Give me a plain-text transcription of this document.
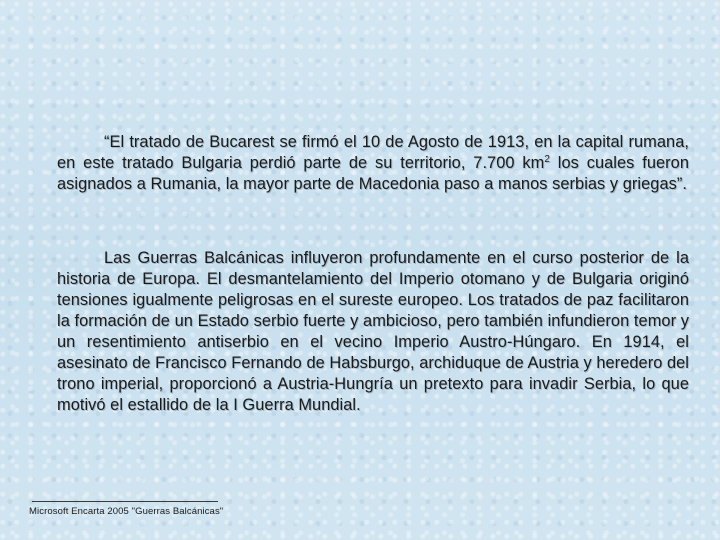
“El tratado de Bucarest se firmó el 10 de Agosto de 1913, en la capital rumana, en este tratado Bulgaria perdió parte de su territorio, 7.700 $km^2$ los cuales fueron asignados a Rumania, la mayor parte de Macedonia paso a manos serbias y griegas”.
Las Guerras Balcánicas influyeron profundamente en el curso posterior de la historia de Europa. El desmantelamiento del Imperio otomano y de Bulgaria originó tensiones igualmente peligrosas en el sureste europeo. Los tratados de paz facilitaron la formación de un Estado serbio fuerte y ambicioso, pero también infundieron temor y un resentimiento antiserbio en el vecino Imperio Austro-Húngaro. En 1914, el asesinato de Francisco Fernando de Habsburgo, archiduque de Austria y heredero del trono imperial, proporcionó a Austria-Hungría un pretexto para invadir Serbia, lo que motivó el estallido de la I Guerra Mundial.
Microsoft Encarta 2005 "Guerras Balcánicas"
